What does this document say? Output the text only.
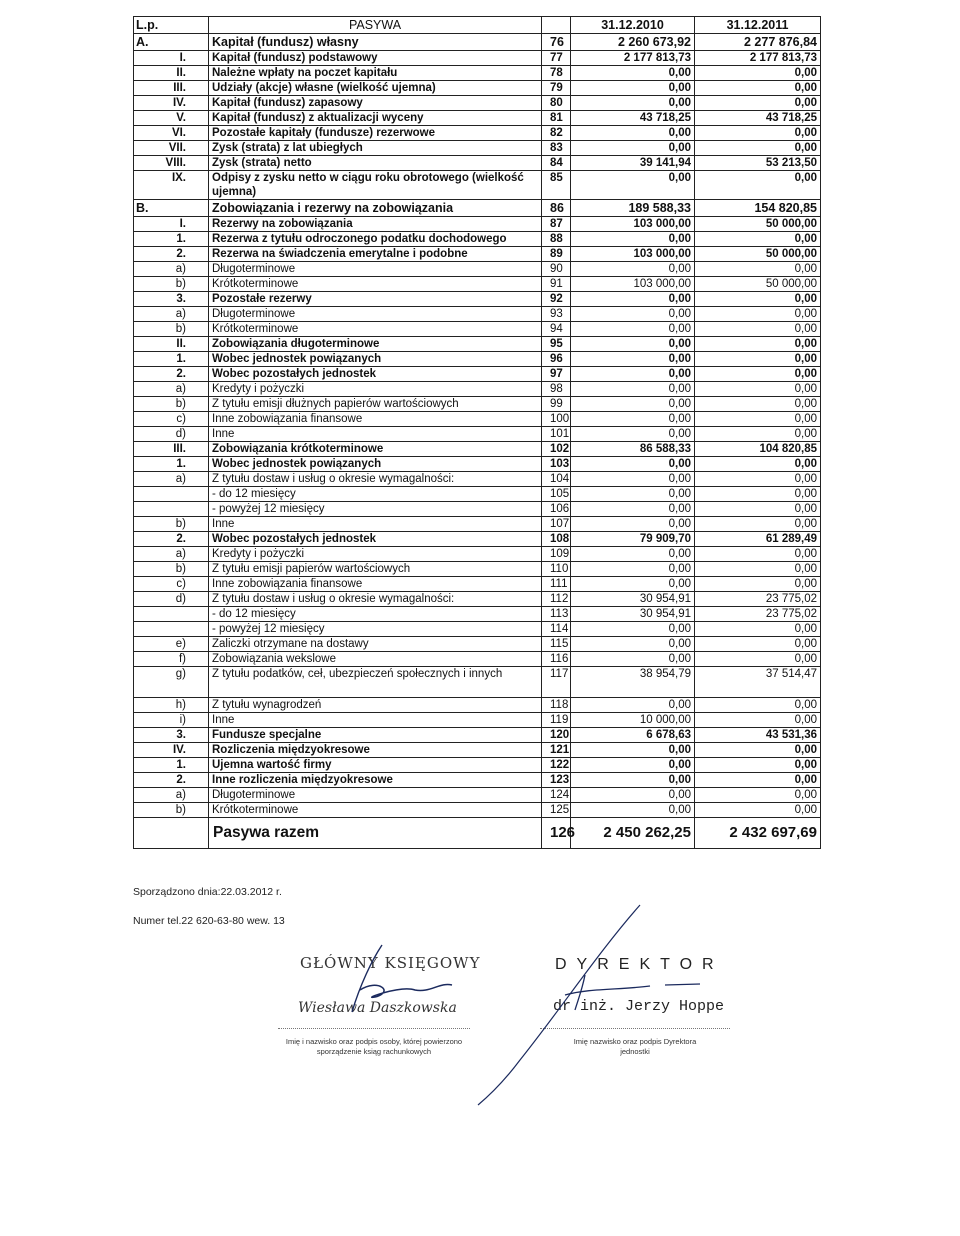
L.p.	PASYWA		31.12.2010	31.12.2011
A.	Kapitał (fundusz) własny	76	2 260 673,92	2 277 876,84
I.	Kapitał (fundusz) podstawowy	77	2 177 813,73	2 177 813,73
II.	Należne wpłaty na poczet kapitału	78	0,00	0,00
III.	Udziały (akcje) własne (wielkość ujemna)	79	0,00	0,00
IV.	Kapitał (fundusz) zapasowy	80	0,00	0,00
V.	Kapitał (fundusz) z aktualizacji wyceny	81	43 718,25	43 718,25
VI.	Pozostałe kapitały (fundusze) rezerwowe	82	0,00	0,00
VII.	Zysk (strata) z lat ubiegłych	83	0,00	0,00
VIII.	Zysk (strata) netto	84	39 141,94	53 213,50
IX.	Odpisy z zysku netto w ciągu roku obrotowego (wielkość ujemna)	85	0,00	0,00
B.	Zobowiązania i rezerwy na zobowiązania	86	189 588,33	154 820,85
I.	Rezerwy na zobowiązania	87	103 000,00	50 000,00
1.	Rezerwa z tytułu odroczonego podatku dochodowego	88	0,00	0,00
2.	Rezerwa na świadczenia emerytalne i podobne	89	103 000,00	50 000,00
a)	Długoterminowe	90	0,00	0,00
b)	Krótkoterminowe	91	103 000,00	50 000,00
3.	Pozostałe rezerwy	92	0,00	0,00
a)	Długoterminowe	93	0,00	0,00
b)	Krótkoterminowe	94	0,00	0,00
II.	Zobowiązania długoterminowe	95	0,00	0,00
1.	Wobec jednostek powiązanych	96	0,00	0,00
2.	Wobec pozostałych jednostek	97	0,00	0,00
a)	Kredyty i pożyczki	98	0,00	0,00
b)	Z tytułu emisji dłużnych papierów wartościowych	99	0,00	0,00
c)	Inne zobowiązania finansowe	100	0,00	0,00
d)	Inne	101	0,00	0,00
III.	Zobowiązania krótkoterminowe	102	86 588,33	104 820,85
1.	Wobec jednostek powiązanych	103	0,00	0,00
a)	Z tytułu dostaw i usług o okresie wymagalności:	104	0,00	0,00
	- do 12 miesięcy	105	0,00	0,00
	- powyżej 12 miesięcy	106	0,00	0,00
b)	Inne	107	0,00	0,00
2.	Wobec pozostałych jednostek	108	79 909,70	61 289,49
a)	Kredyty i pożyczki	109	0,00	0,00
b)	Z tytułu emisji papierów wartościowych	110	0,00	0,00
c)	Inne zobowiązania finansowe	111	0,00	0,00
d)	Z tytułu dostaw i usług o okresie wymagalności:	112	30 954,91	23 775,02
	- do 12 miesięcy	113	30 954,91	23 775,02
	- powyżej 12 miesięcy	114	0,00	0,00
e)	Zaliczki otrzymane na dostawy	115	0,00	0,00
f)	Zobowiązania wekslowe	116	0,00	0,00
g)	Z tytułu podatków, ceł, ubezpieczeń społecznych i innych	117	38 954,79	37 514,47
h)	Z tytułu wynagrodzeń	118	0,00	0,00
i)	Inne	119	10 000,00	0,00
3.	Fundusze specjalne	120	6 678,63	43 531,36
IV.	Rozliczenia międzyokresowe	121	0,00	0,00
1.	Ujemna wartość firmy	122	0,00	0,00
2.	Inne rozliczenia międzyokresowe	123	0,00	0,00
a)	Długoterminowe	124	0,00	0,00
b)	Krótkoterminowe	125	0,00	0,00
	Pasywa razem	126	2 450 262,25	2 432 697,69
Sporządzono dnia:22.03.2012 r.
Numer tel.22 620-63-80 wew. 13
GŁÓWNY KSIĘGOWY
Wiesława Daszkowska
Imię i nazwisko oraz podpis osoby, której powierzono sporządzenie ksiąg rachunkowych
DYREKTOR
dr inż. Jerzy Hoppe
Imię nazwisko oraz podpis Dyrektora jednostki
